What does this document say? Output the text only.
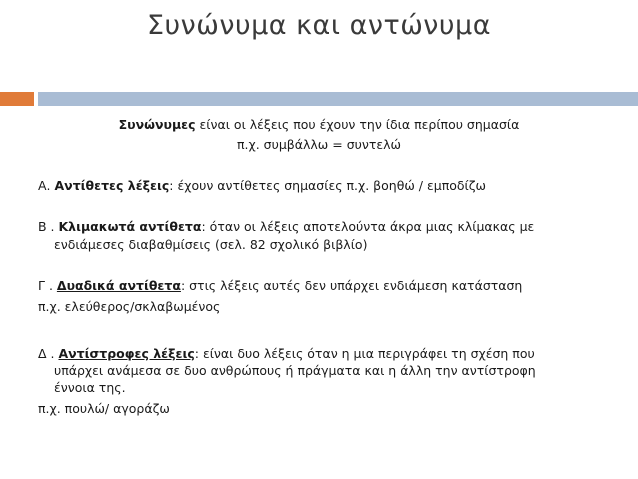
Συνώνυμα και αντώνυμα
Συνώνυμες είναι οι λέξεις που έχουν την ίδια περίπου σημασία
π.χ. συμβάλλω = συντελώ
Α. Αντίθετες λέξεις: έχουν αντίθετες σημασίες π.χ. βοηθώ / εμποδίζω
Β . Κλιμακωτά αντίθετα: όταν οι λέξεις αποτελούντα άκρα μιας κλίμακας με
ενδιάμεσες διαβαθμίσεις (σελ. 82 σχολικό βιβλίο)
Γ . Δυαδικά αντίθετα: στις λέξεις αυτές δεν υπάρχει ενδιάμεση κατάσταση
π.χ. ελεύθερος/σκλαβωμένος
Δ . Αντίστροφες λέξεις: είναι δυο λέξεις όταν η μια περιγράφει τη σχέση που
υπάρχει ανάμεσα σε δυο ανθρώπους ή πράγματα και η άλλη την αντίστροφη
έννοια της.
π.χ. πουλώ/ αγοράζω
